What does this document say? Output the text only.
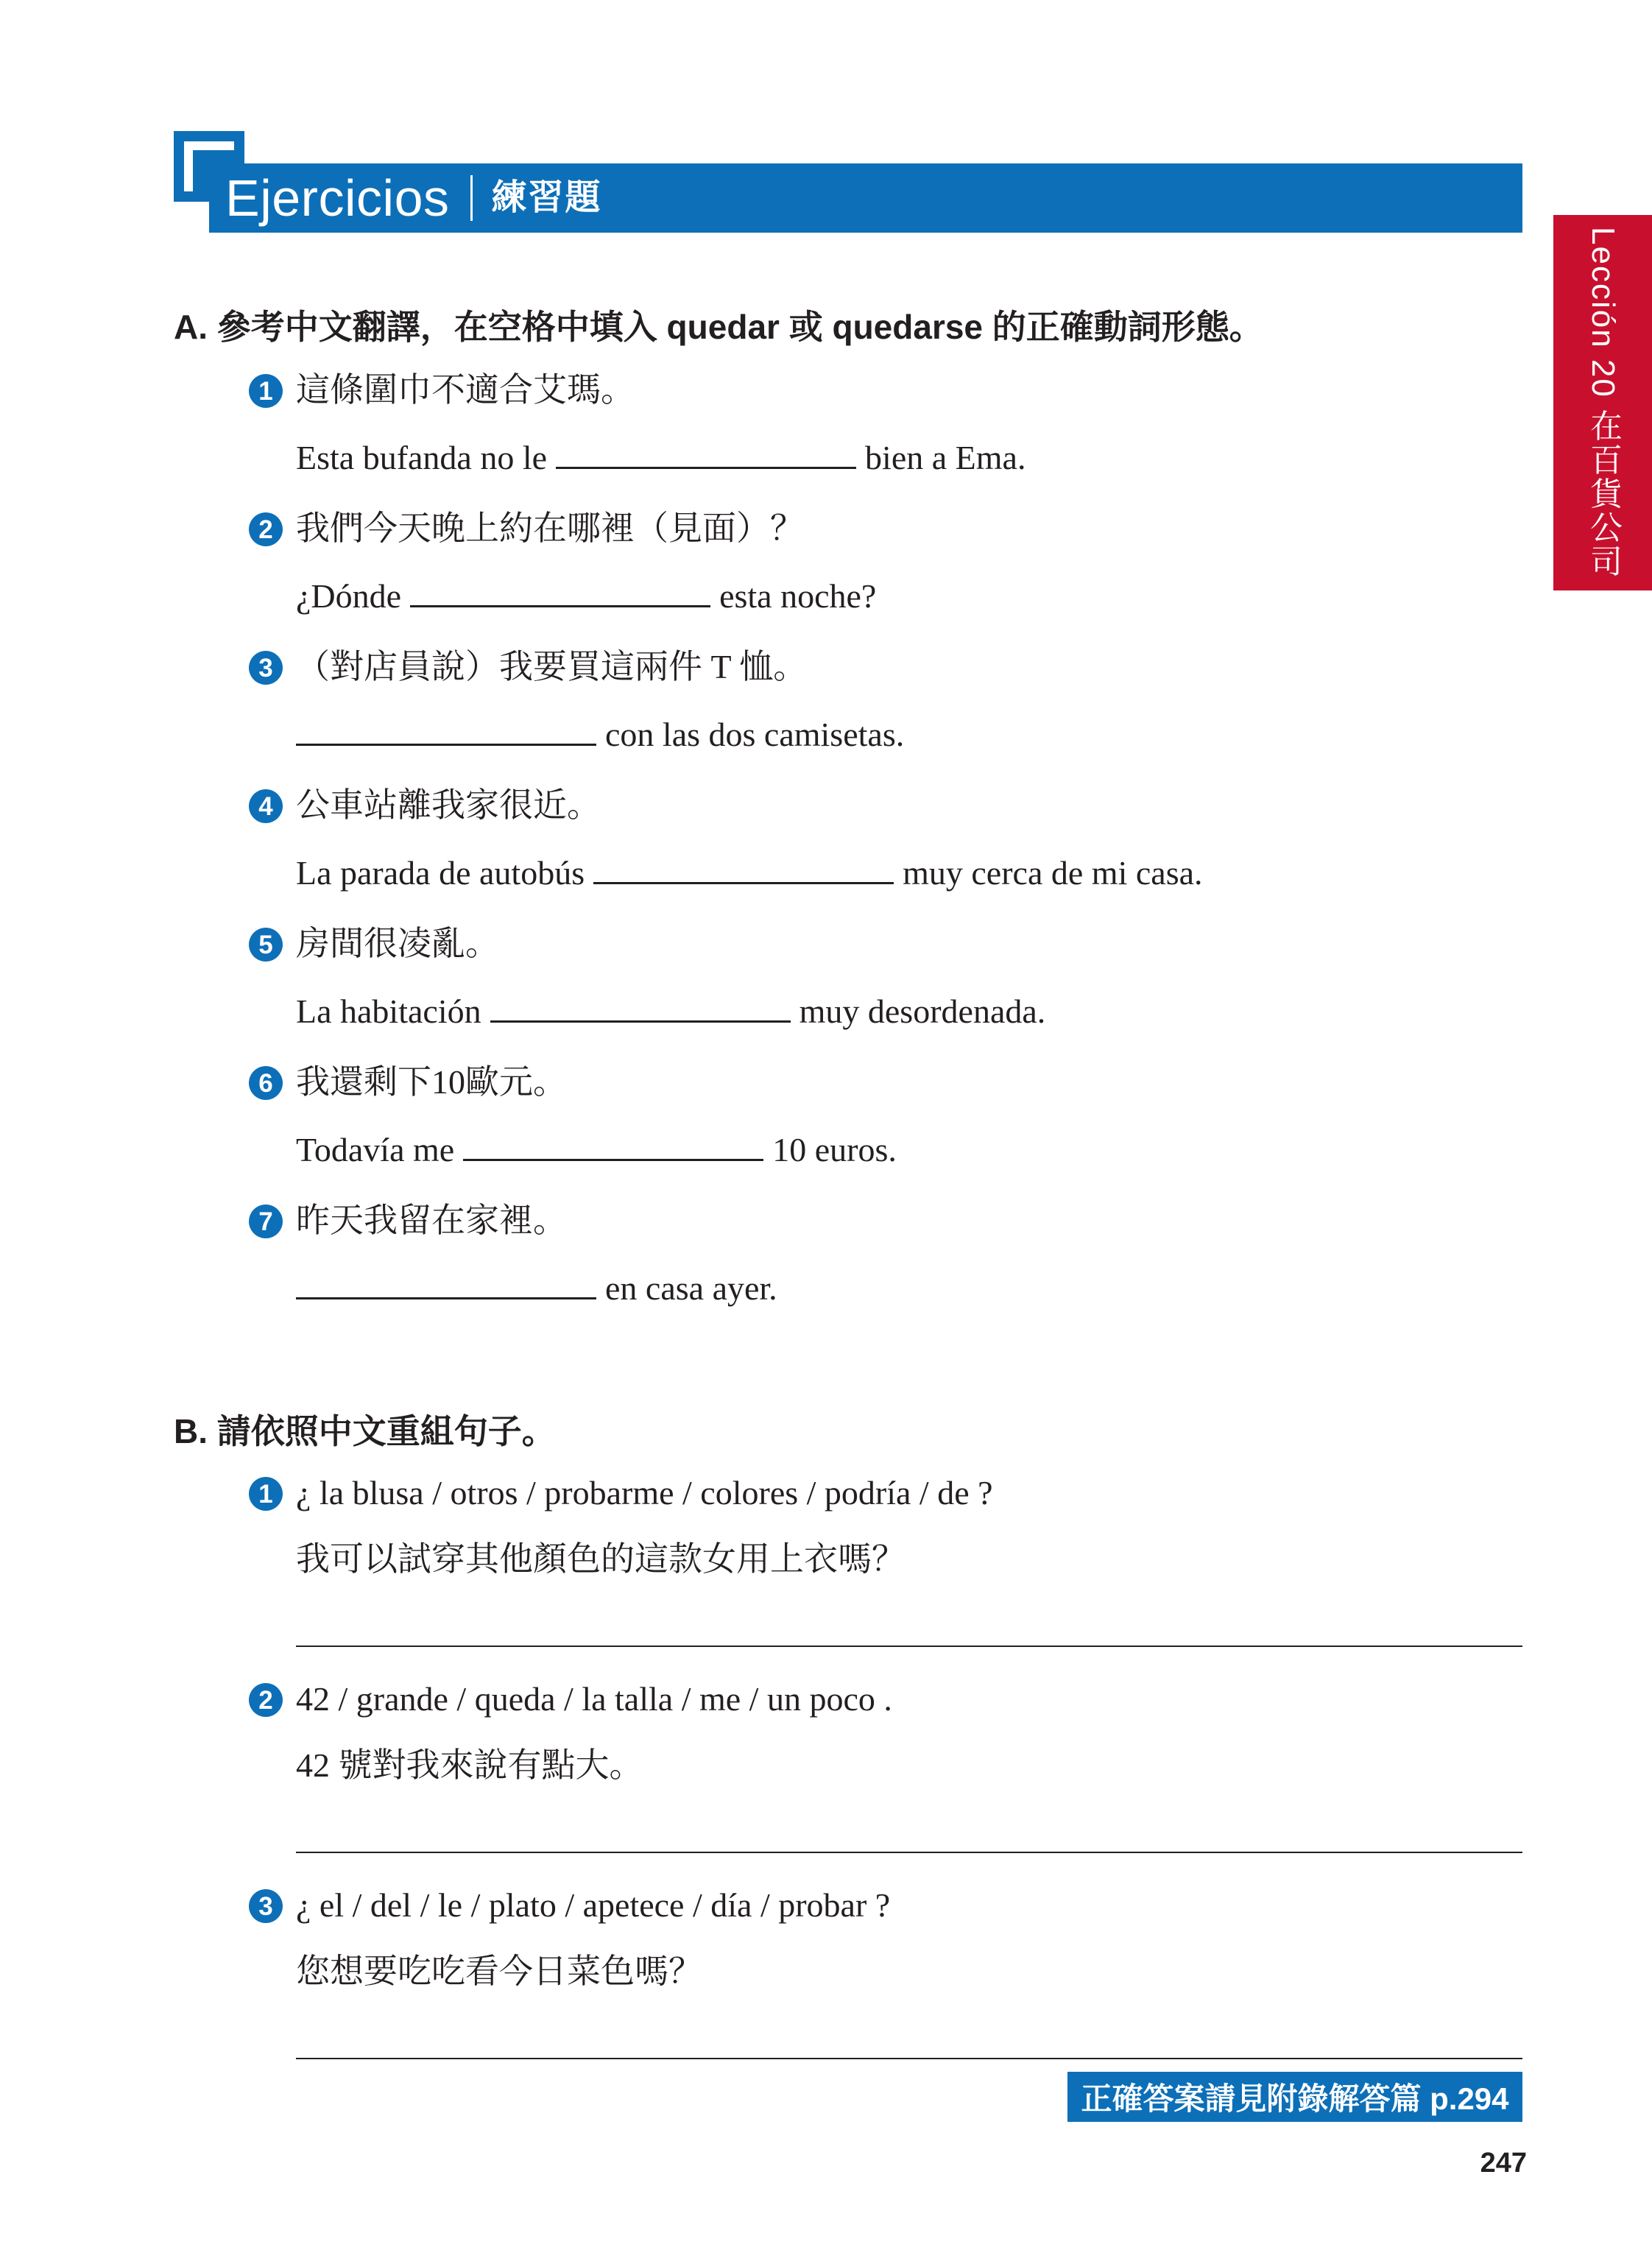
Ejercicios 練習題
Lección 20 在百貨公司
A. 參考中文翻譯，在空格中填入 quedar 或 quedarse 的正確動詞形態。
1 這條圍巾不適合艾瑪。
Esta bufanda no le	bien a Ema.
2 我們今天晚上約在哪裡（見面）？
¿Dónde	esta noche?
3 （對店員說）我要買這兩件 T 恤。
con las dos camisetas.
4 公車站離我家很近。
La parada de autobús	muy cerca de mi casa.
5 房間很凌亂。
La habitación	muy desordenada.
6 我還剩下10歐元。
Todavía me	10 euros.
7 昨天我留在家裡。
en casa ayer.
B. 請依照中文重組句子。
1 ¿ la blusa / otros / probarme / colores / podría / de ?
我可以試穿其他顏色的這款女用上衣嗎？
2 42 / grande / queda / la talla / me / un poco .
42 號對我來說有點大。
3 ¿ el / del / le / plato / apetece / día / probar ?
您想要吃吃看今日菜色嗎？
正確答案請見附錄解答篇 p.294
247
